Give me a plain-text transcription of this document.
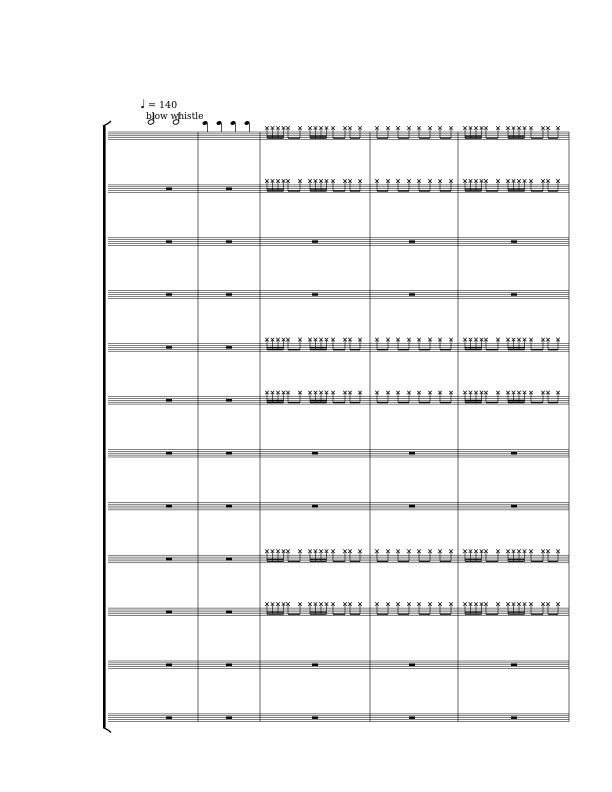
♩ = 140
blow whistle
